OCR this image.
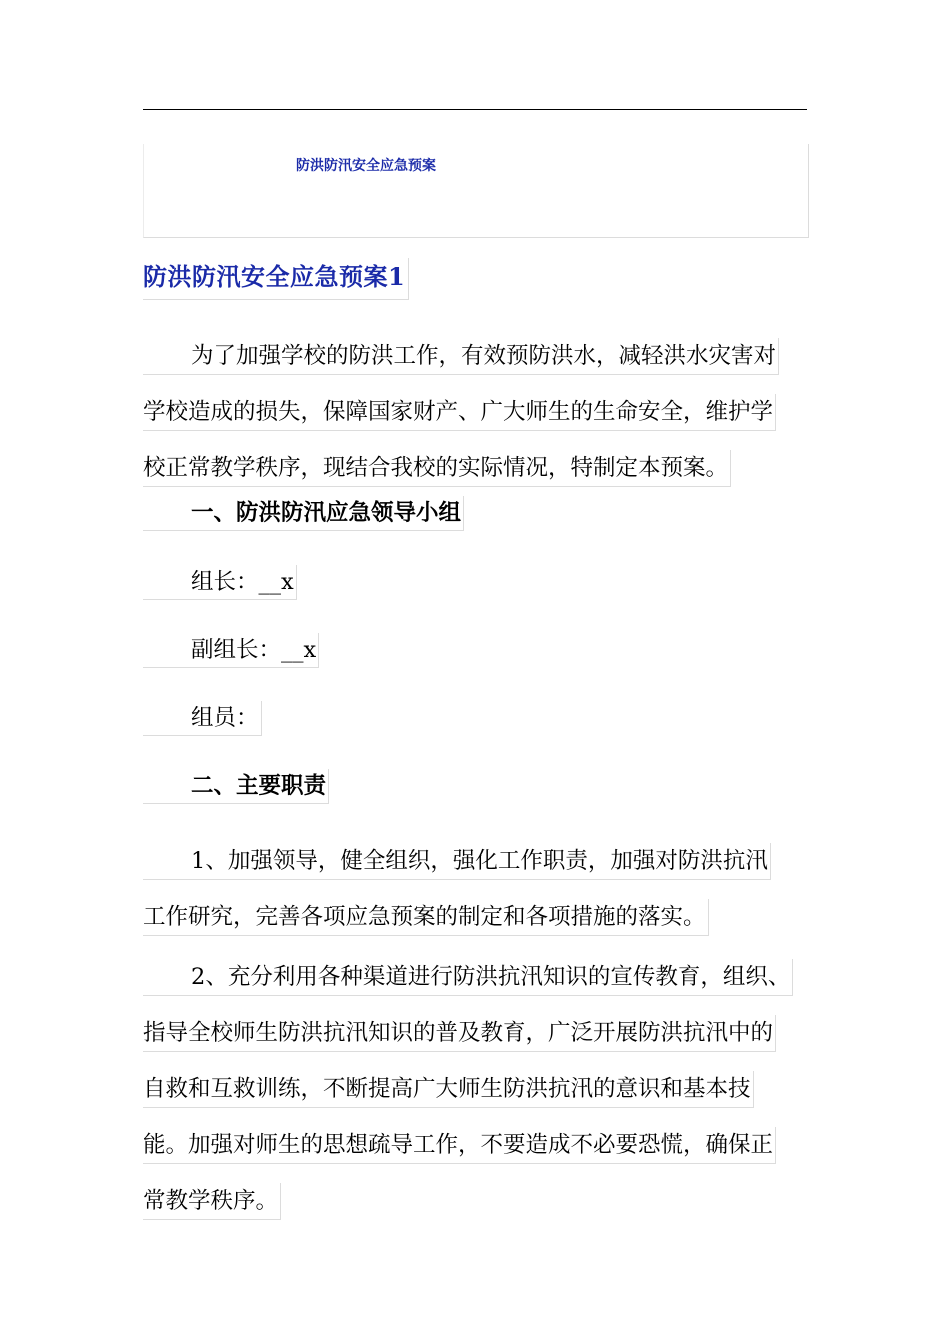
防洪防汛安全应急预案
防洪防汛安全应急预案1
为了加强学校的防洪工作，有效预防洪水，减轻洪水灾害对
学校造成的损失，保障国家财产、广大师生的生命安全，维护学
校正常教学秩序，现结合我校的实际情况，特制定本预案。
一、防洪防汛应急领导小组
组长：__x
副组长：__x
组员：
二、主要职责
1、加强领导，健全组织，强化工作职责，加强对防洪抗汛
工作研究，完善各项应急预案的制定和各项措施的落实。
2、充分利用各种渠道进行防洪抗汛知识的宣传教育，组织、
指导全校师生防洪抗汛知识的普及教育，广泛开展防洪抗汛中的
自救和互救训练，不断提高广大师生防洪抗汛的意识和基本技
能。加强对师生的思想疏导工作，不要造成不必要恐慌，确保正
常教学秩序。
